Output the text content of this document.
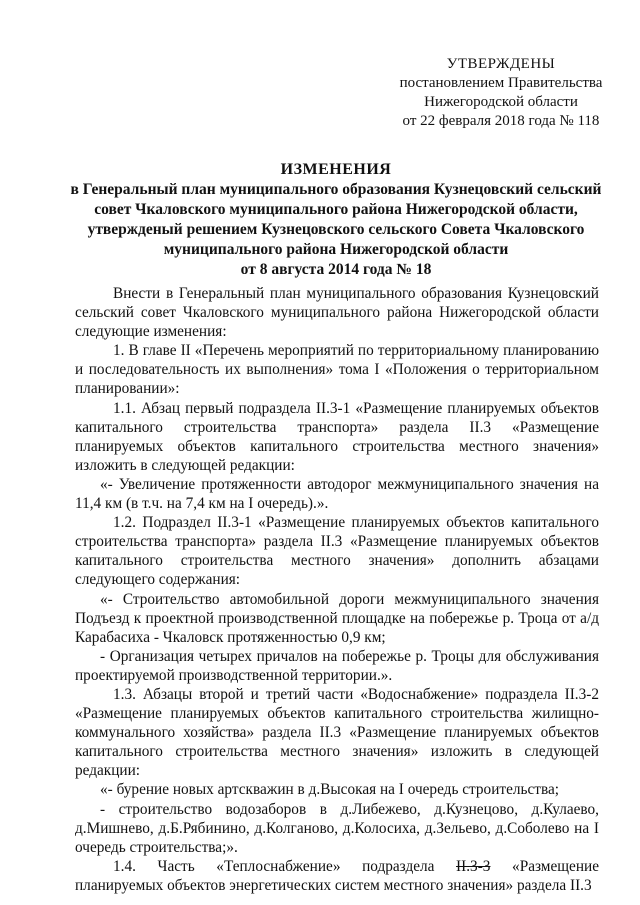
УТВЕРЖДЕНЫ
постановлением Правительства
Нижегородской области
от 22 февраля 2018 года № 118
ИЗМЕНЕНИЯ
в Генеральный план муниципального образования Кузнецовский сельский
совет Чкаловского муниципального района Нижегородской области,
утвержденый решением Кузнецовского сельского Совета Чкаловского
муниципального района Нижегородской области
от 8 августа 2014 года № 18

Внести в Генеральный план муниципального образования Кузнецовский сельский совет Чкаловского муниципального района Нижегородской области следующие изменения:

1. В главе II «Перечень мероприятий по территориальному планированию и последовательность их выполнения» тома I «Положения о территориальном планировании»:

1.1. Абзац первый подраздела II.3-1 «Размещение планируемых объектов капитального строительства транспорта» раздела II.3 «Размещение планируемых объектов капитального строительства местного значения» изложить в следующей редакции:

«- Увеличение протяженности автодорог межмуниципального значения на 11,4 км (в т.ч. на 7,4 км на I очередь).».

1.2. Подраздел II.3-1 «Размещение планируемых объектов капитального строительства транспорта» раздела II.3 «Размещение планируемых объектов капитального строительства местного значения» дополнить абзацами следующего содержания:

«- Строительство автомобильной дороги межмуниципального значения Подъезд к проектной производственной площадке на побережье р. Троца от а/д Карабасиха - Чкаловск протяженностью 0,9 км;

- Организация четырех причалов на побережье р. Троцы для обслуживания проектируемой производственной территории.».

1.3. Абзацы второй и третий части «Водоснабжение» подраздела II.3-2 «Размещение планируемых объектов капитального строительства жилищно-коммунального хозяйства» раздела II.3 «Размещение планируемых объектов капитального строительства местного значения» изложить в следующей редакции:

«- бурение новых артскважин в д.Высокая на I очередь строительства;

- строительство водозаборов в д.Либежево, д.Кузнецово, д.Кулаево, д.Мишнево, д.Б.Рябинино, д.Колганово, д.Колосиха, д.Зельево, д.Соболево на I очередь строительства;».

1.4. Часть «Теплоснабжение» подраздела II.3-3 «Размещение планируемых объектов энергетических систем местного значения» раздела II.3
